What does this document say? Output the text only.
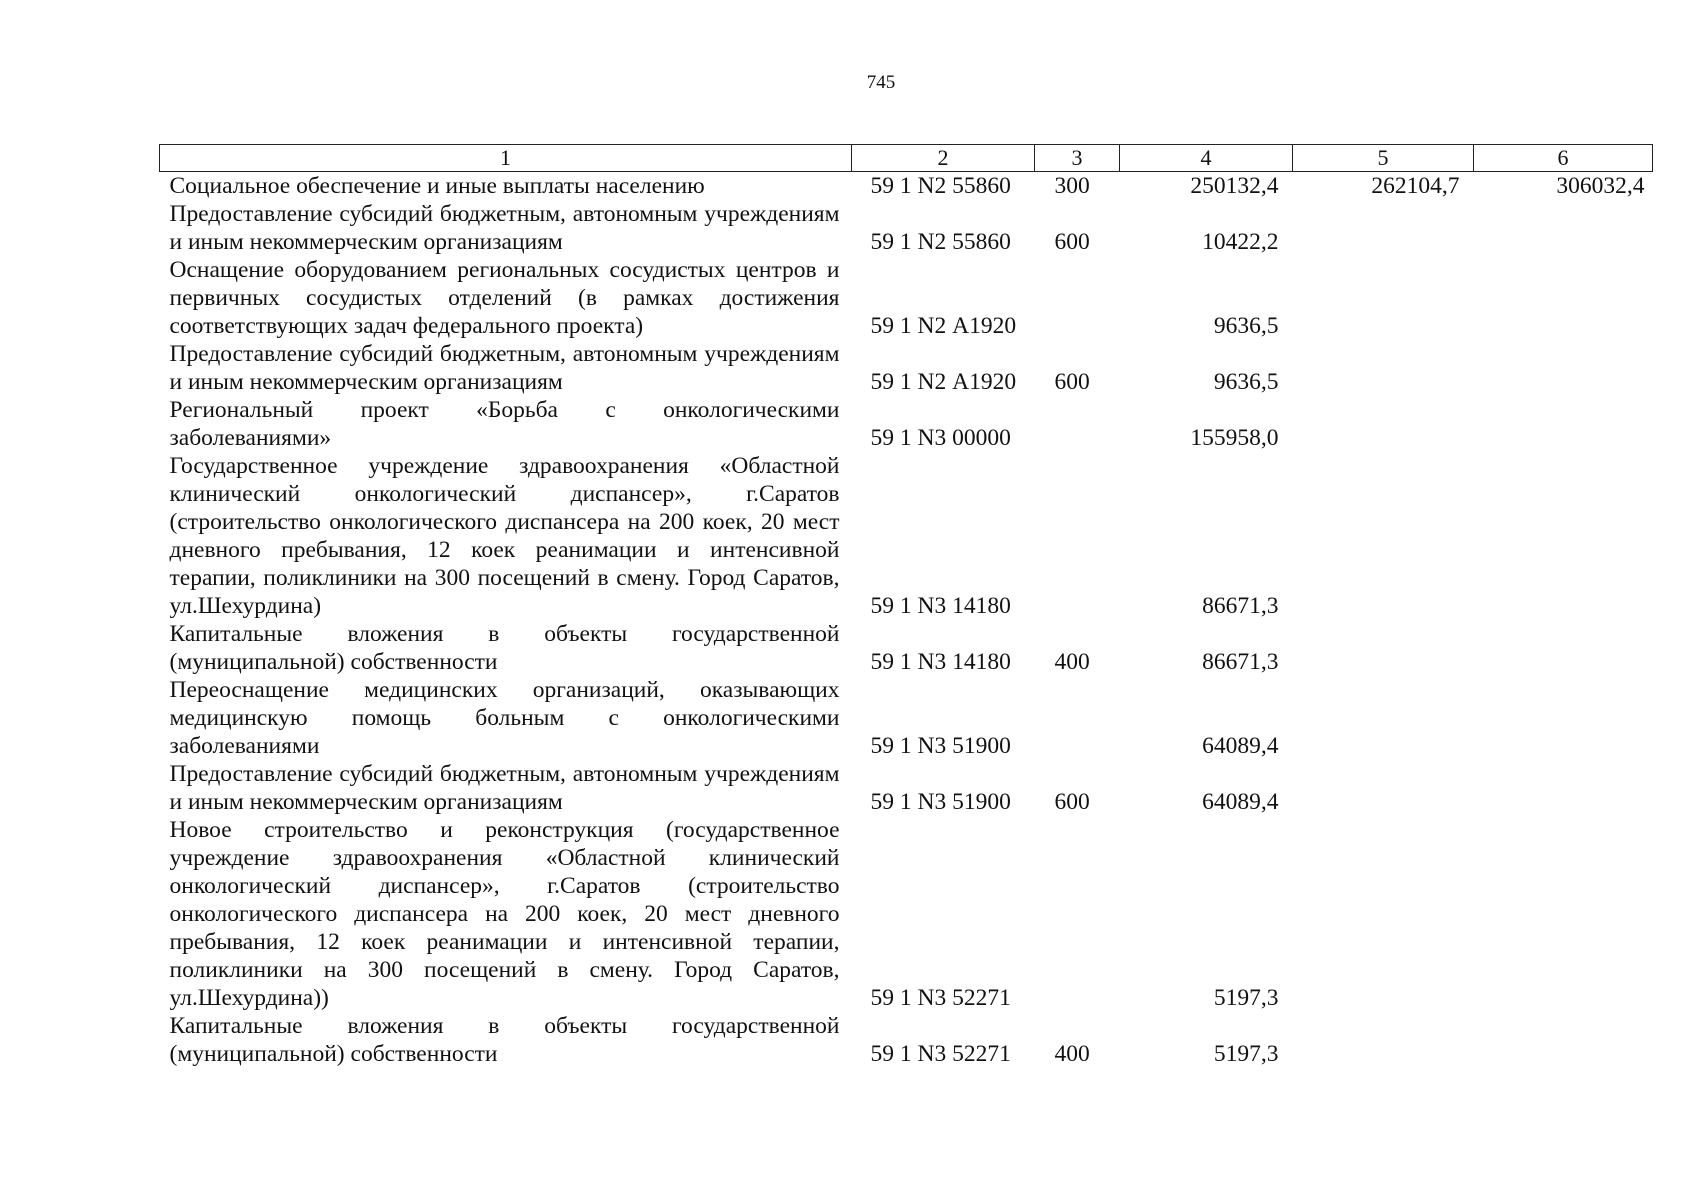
745
1	2	3	4	5	6
Социальное обеспечение и иные выплаты населению	59 1 N2 55860	300	250132,4	262104,7	306032,4
Предоставление субсидий бюджетным, автономным учреждениям и иным некоммерческим организациям	59 1 N2 55860	600	10422,2		
Оснащение оборудованием региональных сосудистых центров и первичных сосудистых отделений (в рамках достижения соответствующих задач федерального проекта)	59 1 N2 А1920		9636,5		
Предоставление субсидий бюджетным, автономным учреждениям и иным некоммерческим организациям	59 1 N2 А1920	600	9636,5		
Региональный проект «Борьба с онкологическими заболеваниями»	59 1 N3 00000		155958,0		
Государственное учреждение здравоохранения «Областной клинический онкологический диспансер», г.Саратов (строительство онкологического диспансера на 200 коек, 20 мест дневного пребывания, 12 коек реанимации и интенсивной терапии, поликлиники на 300 посещений в смену. Город Саратов, ул.Шехурдина)	59 1 N3 14180		86671,3		
Капитальные вложения в объекты государственной (муниципальной) собственности	59 1 N3 14180	400	86671,3		
Переоснащение медицинских организаций, оказывающих медицинскую помощь больным с онкологическими заболеваниями	59 1 N3 51900		64089,4		
Предоставление субсидий бюджетным, автономным учреждениям и иным некоммерческим организациям	59 1 N3 51900	600	64089,4		
Новое строительство и реконструкция (государственное учреждение здравоохранения «Областной клинический онкологический диспансер», г.Саратов (строительство онкологического диспансера на 200 коек, 20 мест дневного пребывания, 12 коек реанимации и интенсивной терапии, поликлиники на 300 посещений в смену. Город Саратов, ул.Шехурдина))	59 1 N3 52271		5197,3		
Капитальные вложения в объекты государственной (муниципальной) собственности	59 1 N3 52271	400	5197,3		
